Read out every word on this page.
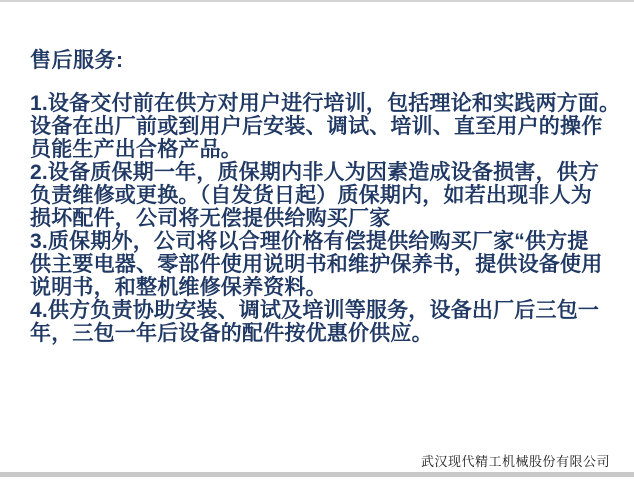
售后服务:
1.设备交付前在供方对用户进行培训，包括理论和实践两方面。
设备在出厂前或到用户后安装、调试、培训、直至用户的操作
员能生产出合格产品。
2.设备质保期一年，质保期内非人为因素造成设备损害，供方
负责维修或更换。（自发货日起）质保期内，如若出现非人为
损坏配件，公司将无偿提供给购买厂家
3.质保期外，公司将以合理价格有偿提供给购买厂家“供方提
供主要电器、零部件使用说明书和维护保养书，提供设备使用
说明书，和整机维修保养资料。
4.供方负责协助安装、调试及培训等服务，设备出厂后三包一
年，三包一年后设备的配件按优惠价供应。
武汉现代精工机械股份有限公司
